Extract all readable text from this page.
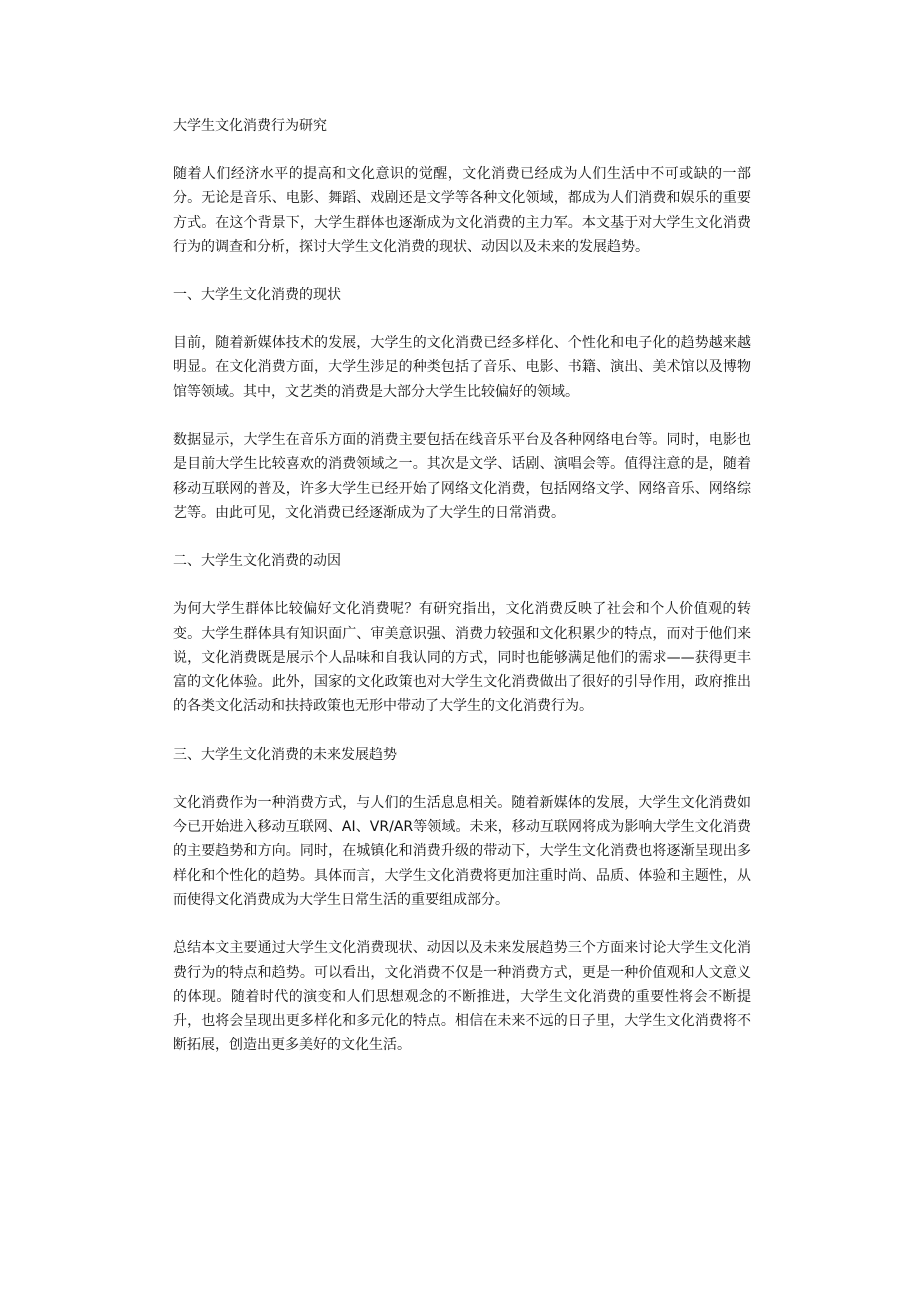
大学生文化消费行为研究

随着人们经济水平的提高和文化意识的觉醒，文化消费已经成为人们生活中不可或缺的一部分。无论是音乐、电影、舞蹈、戏剧还是文学等各种文化领域，都成为人们消费和娱乐的重要方式。在这个背景下，大学生群体也逐渐成为文化消费的主力军。本文基于对大学生文化消费行为的调查和分析，探讨大学生文化消费的现状、动因以及未来的发展趋势。

一、大学生文化消费的现状

目前，随着新媒体技术的发展，大学生的文化消费已经多样化、个性化和电子化的趋势越来越明显。在文化消费方面，大学生涉足的种类包括了音乐、电影、书籍、演出、美术馆以及博物馆等领域。其中，文艺类的消费是大部分大学生比较偏好的领域。

数据显示，大学生在音乐方面的消费主要包括在线音乐平台及各种网络电台等。同时，电影也是目前大学生比较喜欢的消费领域之一。其次是文学、话剧、演唱会等。值得注意的是，随着移动互联网的普及，许多大学生已经开始了网络文化消费，包括网络文学、网络音乐、网络综艺等。由此可见，文化消费已经逐渐成为了大学生的日常消费。

二、大学生文化消费的动因

为何大学生群体比较偏好文化消费呢？有研究指出，文化消费反映了社会和个人价值观的转变。大学生群体具有知识面广、审美意识强、消费力较强和文化积累少的特点，而对于他们来说，文化消费既是展示个人品味和自我认同的方式，同时也能够满足他们的需求——获得更丰富的文化体验。此外，国家的文化政策也对大学生文化消费做出了很好的引导作用，政府推出的各类文化活动和扶持政策也无形中带动了大学生的文化消费行为。

三、大学生文化消费的未来发展趋势

文化消费作为一种消费方式，与人们的生活息息相关。随着新媒体的发展，大学生文化消费如今已开始进入移动互联网、AI、VR/AR等领域。未来，移动互联网将成为影响大学生文化消费的主要趋势和方向。同时，在城镇化和消费升级的带动下，大学生文化消费也将逐渐呈现出多样化和个性化的趋势。具体而言，大学生文化消费将更加注重时尚、品质、体验和主题性，从而使得文化消费成为大学生日常生活的重要组成部分。

总结本文主要通过大学生文化消费现状、动因以及未来发展趋势三个方面来讨论大学生文化消费行为的特点和趋势。可以看出，文化消费不仅是一种消费方式，更是一种价值观和人文意义的体现。随着时代的演变和人们思想观念的不断推进，大学生文化消费的重要性将会不断提升，也将会呈现出更多样化和多元化的特点。相信在未来不远的日子里，大学生文化消费将不断拓展，创造出更多美好的文化生活。
